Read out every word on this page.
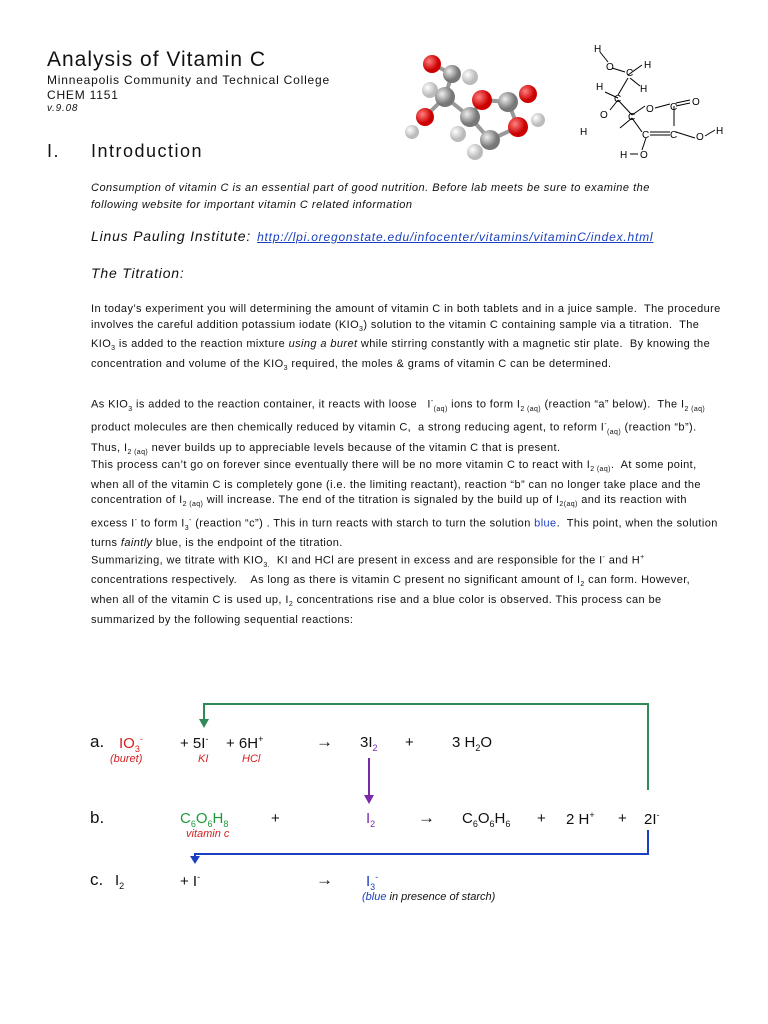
Analysis of Vitamin C
Minneapolis Community and Technical College
CHEM 1151
v.9.08
H
O
C
H
H
H
C
O
H
C
O C O
C C O
H
O
H
I. Introduction
Consumption of vitamin C is an essential part of good nutrition. Before lab meets be sure to examine the following website for important vitamin C related information
Linus Pauling Institute: http://lpi.oregonstate.edu/infocenter/vitamins/vitaminC/index.html
The Titration:
In today’s experiment you will determining the amount of vitamin C in both tablets and in a juice sample.  The procedure involves the careful addition potassium iodate $(KIO_3)$ solution to the vitamin C containing sample via a titration.  The $KIO_3$ is added to the reaction mixture using a buret while stirring constantly with a magnetic stir plate.  By knowing the concentration and volume of the $KIO_3$ required, the moles & grams of vitamin C can be determined.
As $KIO_3$ is added to the reaction container, it reacts with loose   $I^-_{(aq)}$ ions to form $I_{2 (aq)}$ (reaction “a” below).  The $I_{2 (aq)}$ product molecules are then chemically reduced by vitamin C,  a strong reducing agent, to reform $I^-_{(aq)}$ (reaction “b”).  Thus, $I_{2 (aq)}$ never builds up to appreciable levels because of the vitamin C that is present.
This process can’t go on forever since eventually there will be no more vitamin C to react with $I_{2 (aq)}$.  At some point, when all of the vitamin C is completely gone (i.e. the limiting reactant), reaction “b” can no longer take place and the concentration of $I_{2 (aq)}$ will increase. The end of the titration is signaled by the build up of $I_{2(aq)}$ and its reaction with excess I- to form $I_3^-$ (reaction “c”) . This in turn reacts with starch to turn the solution blue.  This point, when the solution turns faintly blue, is the endpoint of the titration.
Summarizing, we titrate with $KIO_{3.}$  KI and HCl are present in excess and are responsible for the I- and H+ concentrations respectively.    As long as there is vitamin C present no significant amount of $I_2$ can form. However, when all of the vitamin C is used up, $I_2$ concentrations rise and a blue color is observed. This process can be summarized by the following sequential reactions:
a. $IO_3^- + 5I^- + 6H^+$	→ $3I_2$ +	3 $H_2O$
(buret)	KI	HCl
b.	$C_6O_6H_8$
vitamin c
+	$I_2$	→ $C_6O_6H_6 + 2$ H+ + 2I-
c. $I_2$	+ I-	→ $I_3^-$
(blue in presence of starch)
